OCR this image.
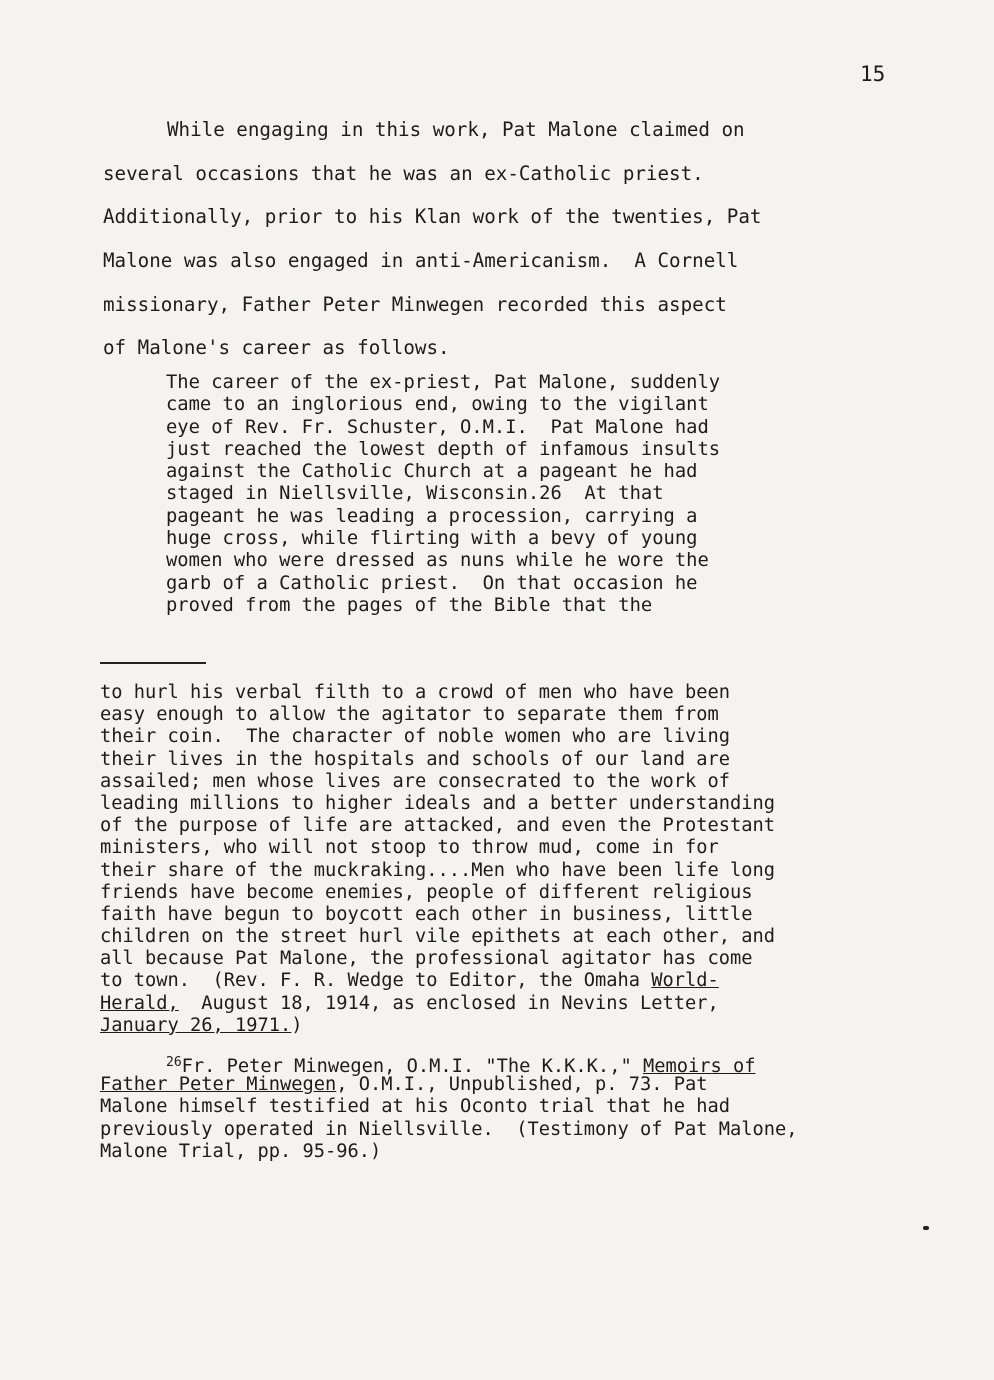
15
While engaging in this work, Pat Malone claimed on
several occasions that he was an ex-Catholic priest.
Additionally, prior to his Klan work of the twenties, Pat
Malone was also engaged in anti-Americanism.  A Cornell
missionary, Father Peter Minwegen recorded this aspect
of Malone's career as follows.
The career of the ex-priest, Pat Malone, suddenly
came to an inglorious end, owing to the vigilant
eye of Rev. Fr. Schuster, O.M.I.  Pat Malone had
just reached the lowest depth of infamous insults
against the Catholic Church at a pageant he had
staged in Niellsville, Wisconsin.26  At that
pageant he was leading a procession, carrying a
huge cross, while flirting with a bevy of young
women who were dressed as nuns while he wore the
garb of a Catholic priest.  On that occasion he
proved from the pages of the Bible that the
to hurl his verbal filth to a crowd of men who have been
easy enough to allow the agitator to separate them from
their coin.  The character of noble women who are living
their lives in the hospitals and schools of our land are
assailed; men whose lives are consecrated to the work of
leading millions to higher ideals and a better understanding
of the purpose of life are attacked, and even the Protestant
ministers, who will not stoop to throw mud, come in for
their share of the muckraking....Men who have been life long
friends have become enemies, people of different religious
faith have begun to boycott each other in business, little
children on the street hurl vile epithets at each other, and
all because Pat Malone, the professional agitator has come
to town.  (Rev. F. R. Wedge to Editor, the Omaha World-
Herald,  August 18, 1914, as enclosed in Nevins Letter,
January 26, 1971.)
$^{26}$Fr. Peter Minwegen, O.M.I. "The K.K.K.," Memoirs of
Father Peter Minwegen, O.M.I., Unpublished, p. 73. Pat
Malone himself testified at his Oconto trial that he had
previously operated in Niellsville.  (Testimony of Pat Malone,
Malone Trial, pp. 95-96.)
